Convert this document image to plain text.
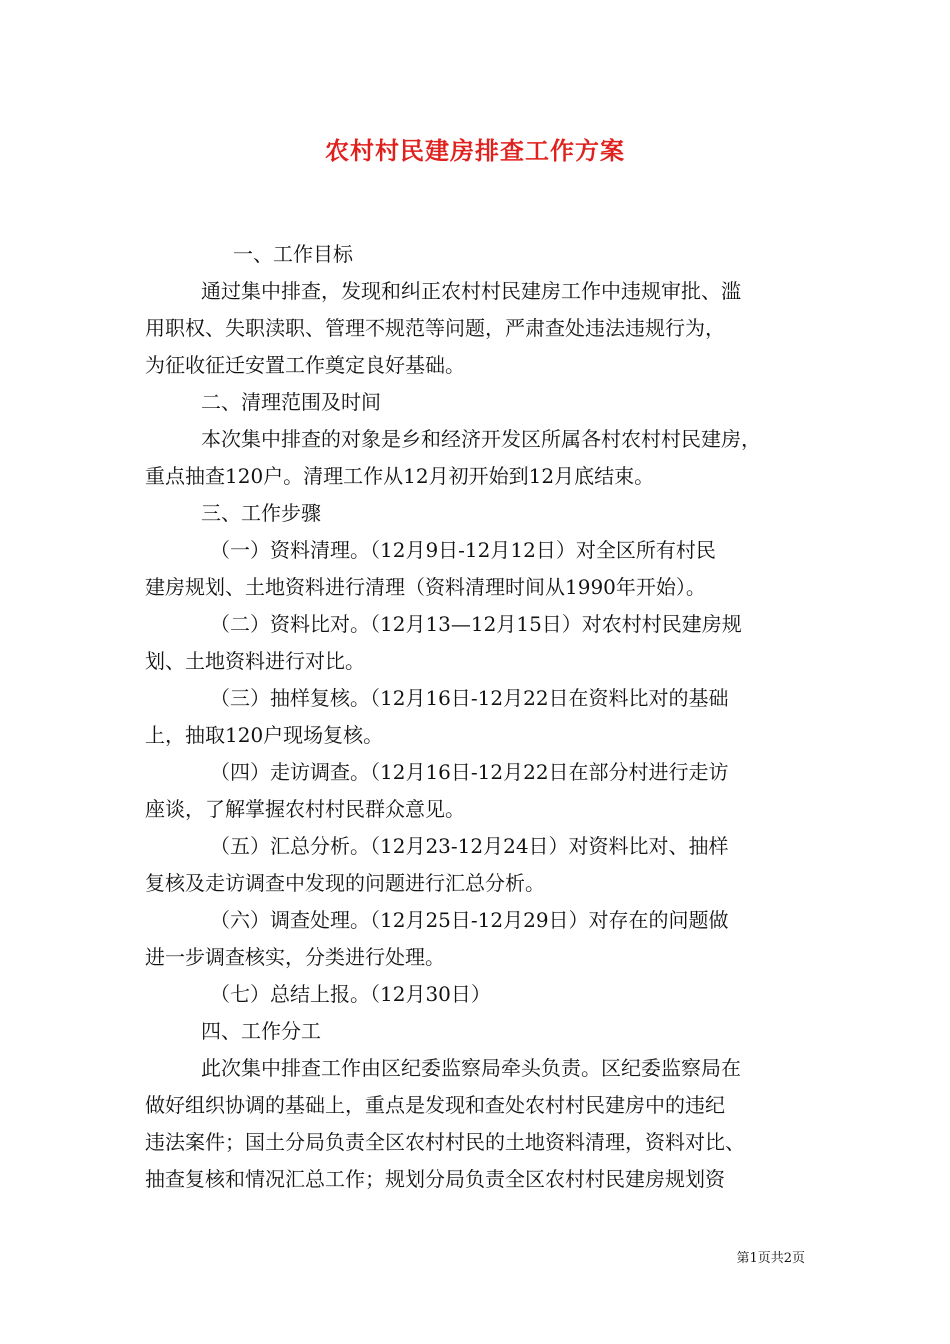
农村村民建房排查工作方案

一、工作目标

通过集中排查，发现和纠正农村村民建房工作中违规审批、滥

用职权、失职渎职、管理不规范等问题，严肃查处违法违规行为，

为征收征迁安置工作奠定良好基础。

二、清理范围及时间

本次集中排查的对象是乡和经济开发区所属各村农村村民建房，

重点抽查120户。清理工作从12月初开始到12月底结束。

三、工作步骤

（一）资料清理。（12月9日-12月12日）对全区所有村民

建房规划、土地资料进行清理（资料清理时间从1990年开始）。

（二）资料比对。（12月13—12月15日）对农村村民建房规

划、土地资料进行对比。

（三）抽样复核。（12月16日-12月22日在资料比对的基础

上，抽取120户现场复核。

（四）走访调查。（12月16日-12月22日在部分村进行走访

座谈，了解掌握农村村民群众意见。

（五）汇总分析。（12月23-12月24日）对资料比对、抽样

复核及走访调查中发现的问题进行汇总分析。

（六）调查处理。（12月25日-12月29日）对存在的问题做

进一步调查核实，分类进行处理。

（七）总结上报。（12月30日）

四、工作分工

此次集中排查工作由区纪委监察局牵头负责。区纪委监察局在

做好组织协调的基础上，重点是发现和查处农村村民建房中的违纪

违法案件；国土分局负责全区农村村民的土地资料清理，资料对比、

抽查复核和情况汇总工作；规划分局负责全区农村村民建房规划资

第1页共2页
